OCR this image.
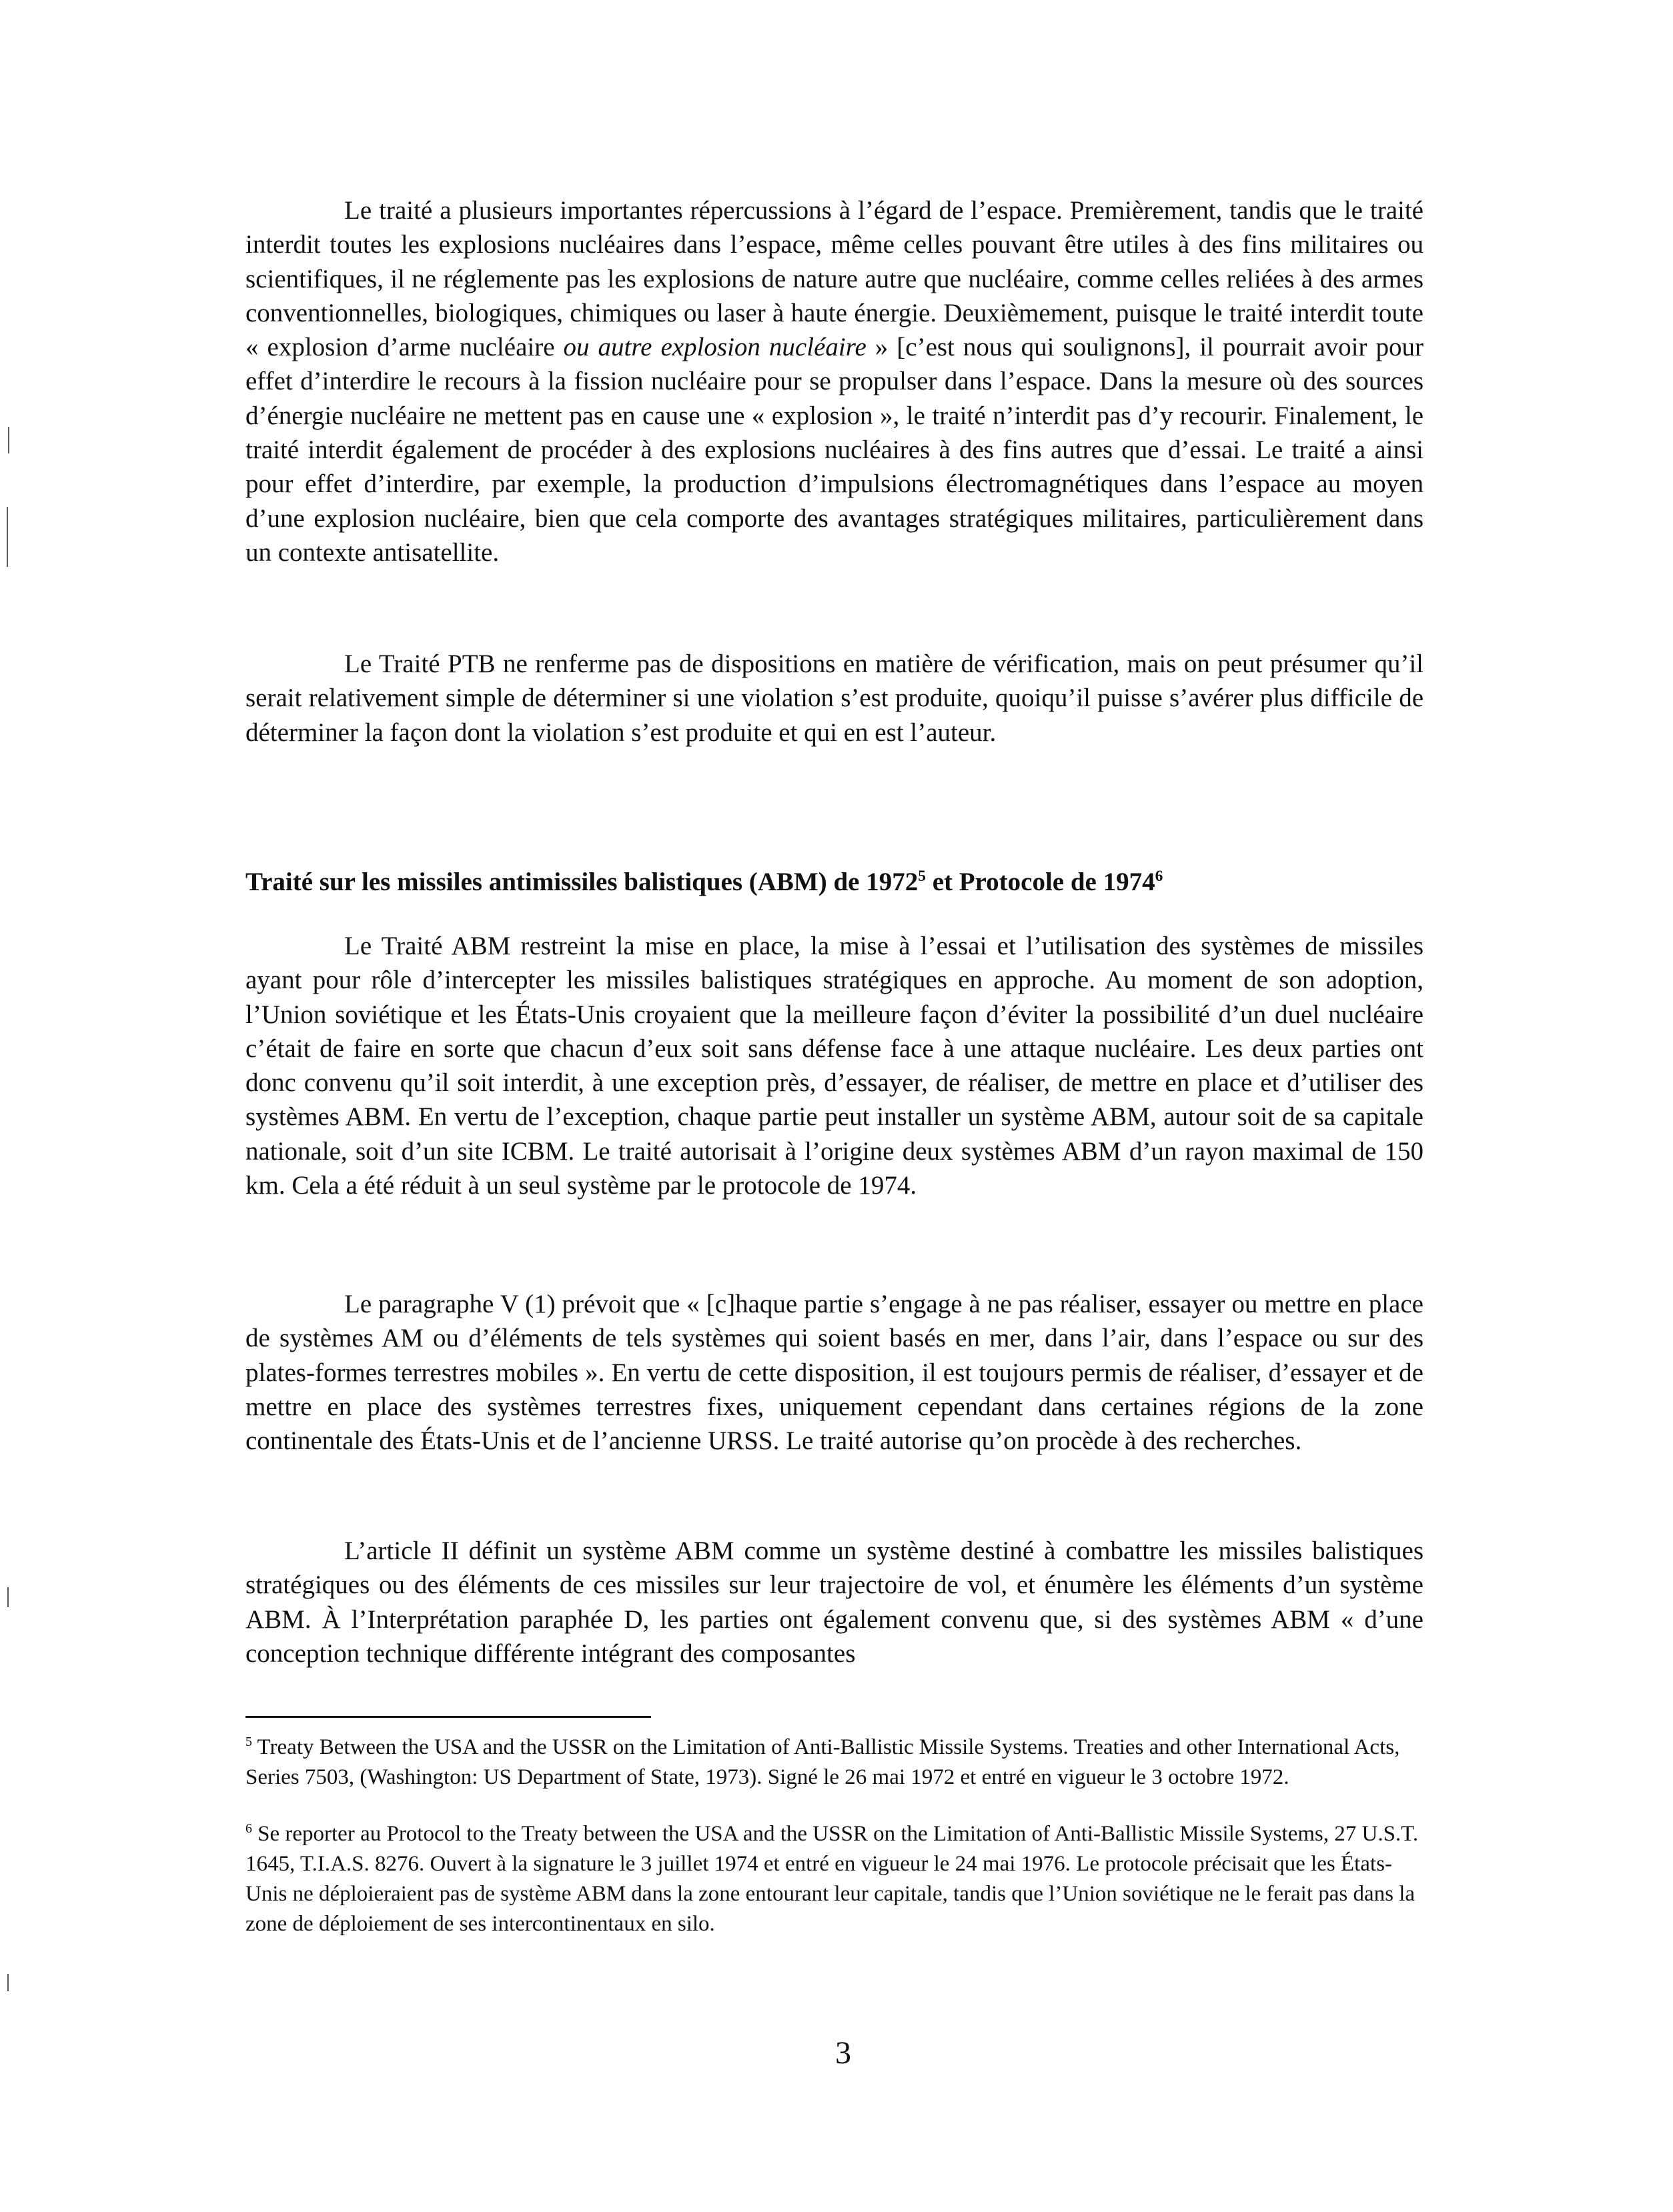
Le traité a plusieurs importantes répercussions à l’égard de l’espace. Premièrement, tandis que le traité interdit toutes les explosions nucléaires dans l’espace, même celles pouvant être utiles à des fins militaires ou scientifiques, il ne réglemente pas les explosions de nature autre que nucléaire, comme celles reliées à des armes conventionnelles, biologiques, chimiques ou laser à haute énergie. Deuxièmement, puisque le traité interdit toute « explosion d’arme nucléaire ou autre explosion nucléaire » [c’est nous qui soulignons], il pourrait avoir pour effet d’interdire le recours à la fission nucléaire pour se propulser dans l’espace. Dans la mesure où des sources d’énergie nucléaire ne mettent pas en cause une « explosion », le traité n’interdit pas d’y recourir. Finalement, le traité interdit également de procéder à des explosions nucléaires à des fins autres que d’essai. Le traité a ainsi pour effet d’interdire, par exemple, la production d’impulsions électromagnétiques dans l’espace au moyen d’une explosion nucléaire, bien que cela comporte des avantages stratégiques militaires, particulièrement dans un contexte antisatellite.

Le Traité PTB ne renferme pas de dispositions en matière de vérification, mais on peut présumer qu’il serait relativement simple de déterminer si une violation s’est produite, quoiqu’il puisse s’avérer plus difficile de déterminer la façon dont la violation s’est produite et qui en est l’auteur.

Traité sur les missiles antimissiles balistiques (ABM) de 1972$^5$ et Protocole de 1974$^6$

Le Traité ABM restreint la mise en place, la mise à l’essai et l’utilisation des systèmes de missiles ayant pour rôle d’intercepter les missiles balistiques stratégiques en approche. Au moment de son adoption, l’Union soviétique et les États-Unis croyaient que la meilleure façon d’éviter la possibilité d’un duel nucléaire c’était de faire en sorte que chacun d’eux soit sans défense face à une attaque nucléaire. Les deux parties ont donc convenu qu’il soit interdit, à une exception près, d’essayer, de réaliser, de mettre en place et d’utiliser des systèmes ABM. En vertu de l’exception, chaque partie peut installer un système ABM, autour soit de sa capitale nationale, soit d’un site ICBM. Le traité autorisait à l’origine deux systèmes ABM d’un rayon maximal de 150 km. Cela a été réduit à un seul système par le protocole de 1974.

Le paragraphe V (1) prévoit que « [c]haque partie s’engage à ne pas réaliser, essayer ou mettre en place de systèmes AM ou d’éléments de tels systèmes qui soient basés en mer, dans l’air, dans l’espace ou sur des plates-formes terrestres mobiles ». En vertu de cette disposition, il est toujours permis de réaliser, d’essayer et de mettre en place des systèmes terrestres fixes, uniquement cependant dans certaines régions de la zone continentale des États-Unis et de l’ancienne URSS. Le traité autorise qu’on procède à des recherches.

L’article II définit un système ABM comme un système destiné à combattre les missiles balistiques stratégiques ou des éléments de ces missiles sur leur trajectoire de vol, et énumère les éléments d’un système ABM. À l’Interprétation paraphée D, les parties ont également convenu que, si des systèmes ABM « d’une conception technique différente intégrant des composantes

$^5$ Treaty Between the USA and the USSR on the Limitation of Anti-Ballistic Missile Systems. Treaties and other International Acts, Series 7503, (Washington: US Department of State, 1973). Signé le 26 mai 1972 et entré en vigueur le 3 octobre 1972.

$^6$ Se reporter au Protocol to the Treaty between the USA and the USSR on the Limitation of Anti-Ballistic Missile Systems, 27 U.S.T. 1645, T.I.A.S. 8276. Ouvert à la signature le 3 juillet 1974 et entré en vigueur le 24 mai 1976. Le protocole précisait que les États-Unis ne déploieraient pas de système ABM dans la zone entourant leur capitale, tandis que l’Union soviétique ne le ferait pas dans la zone de déploiement de ses intercontinentaux en silo.

3
